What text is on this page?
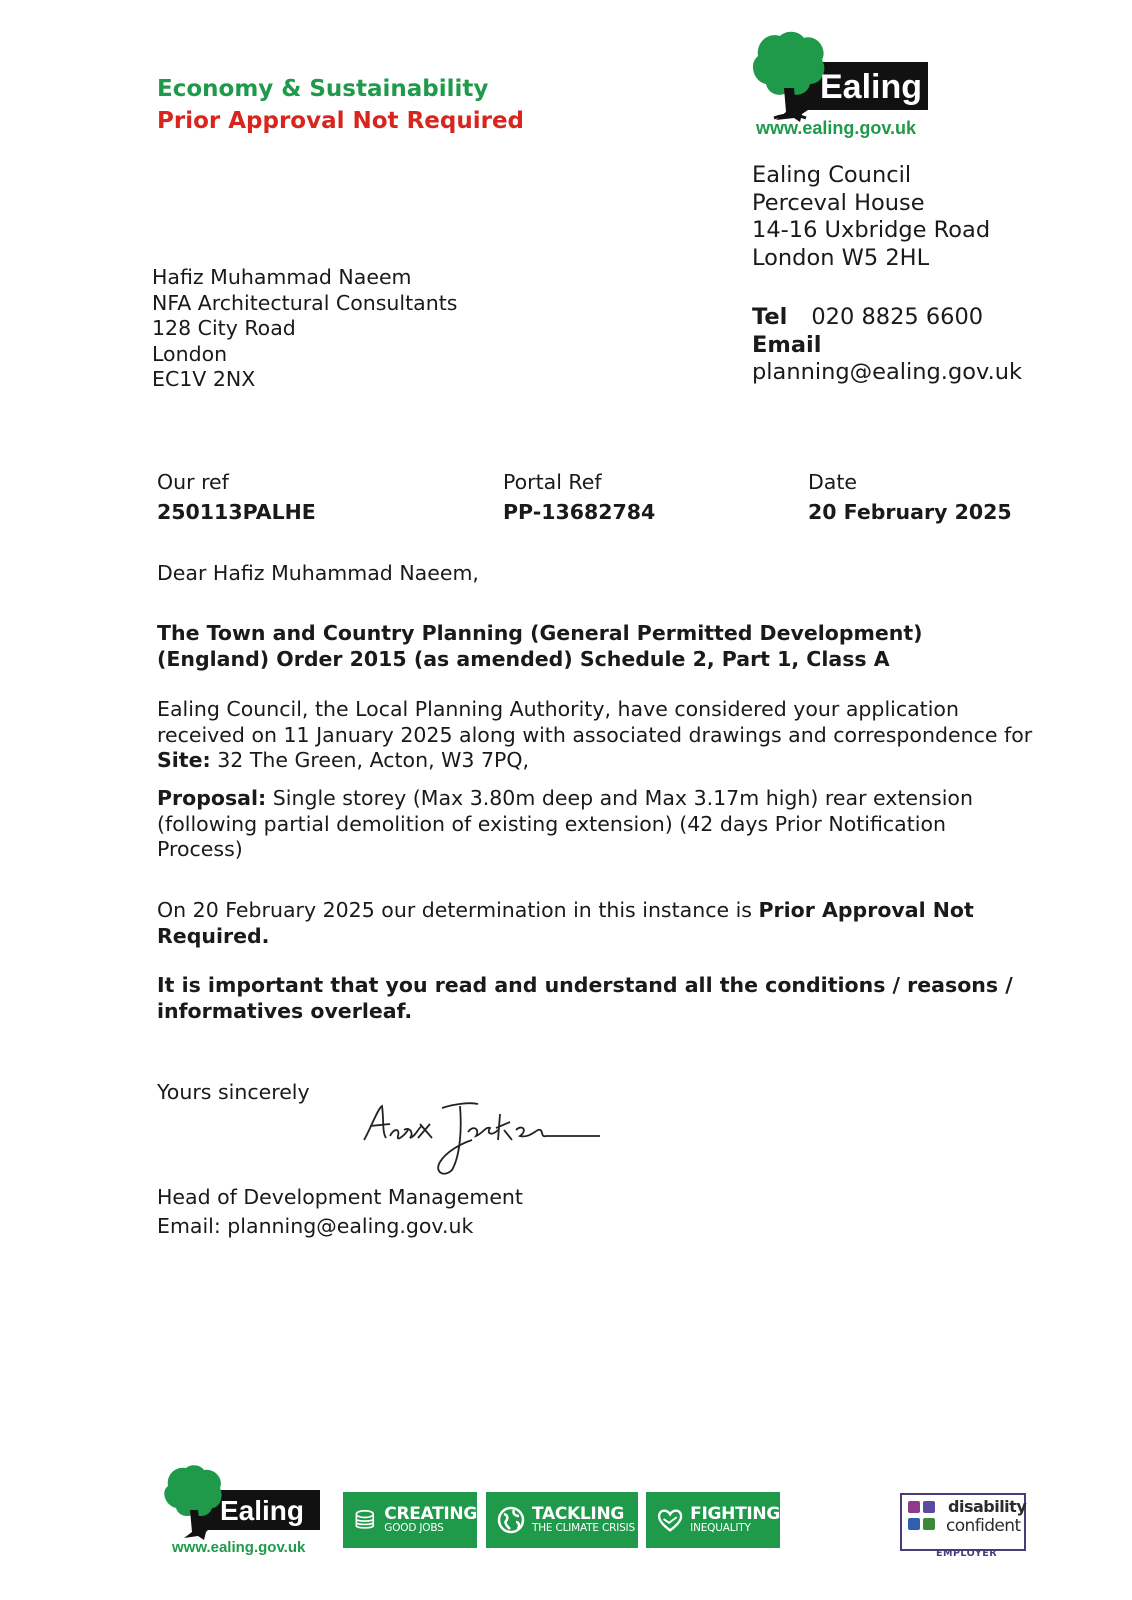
Economy & Sustainability
Prior Approval Not Required
Ealing
www.ealing.gov.uk
Ealing Council
Perceval House
14-16 Uxbridge Road
London W5 2HL
Tel 020 8825 6600
Email
planning@ealing.gov.uk
Hafiz Muhammad Naeem
NFA Architectural Consultants
128 City Road
London
EC1V 2NX
Our ref
250113PALHE
Portal Ref
PP-13682784
Date
20 February 2025
Dear Hafiz Muhammad Naeem,
The Town and Country Planning (General Permitted Development)
(England) Order 2015 (as amended) Schedule 2, Part 1, Class A
Ealing Council, the Local Planning Authority, have considered your application received on 11 January 2025 along with associated drawings and correspondence for Site: 32 The Green, Acton, W3 7PQ,
Proposal: Single storey (Max 3.80m deep and Max 3.17m high) rear extension (following partial demolition of existing extension) (42 days Prior Notification Process)
On 20 February 2025 our determination in this instance is Prior Approval Not Required.
It is important that you read and understand all the conditions / reasons / informatives overleaf.
Yours sincerely
Head of Development Management
Email: planning@ealing.gov.uk
Ealing
www.ealing.gov.uk
CREATING
GOOD JOBS
TACKLING
THE CLIMATE CRISIS
FIGHTING
INEQUALITY
disability
confident
EMPLOYER
